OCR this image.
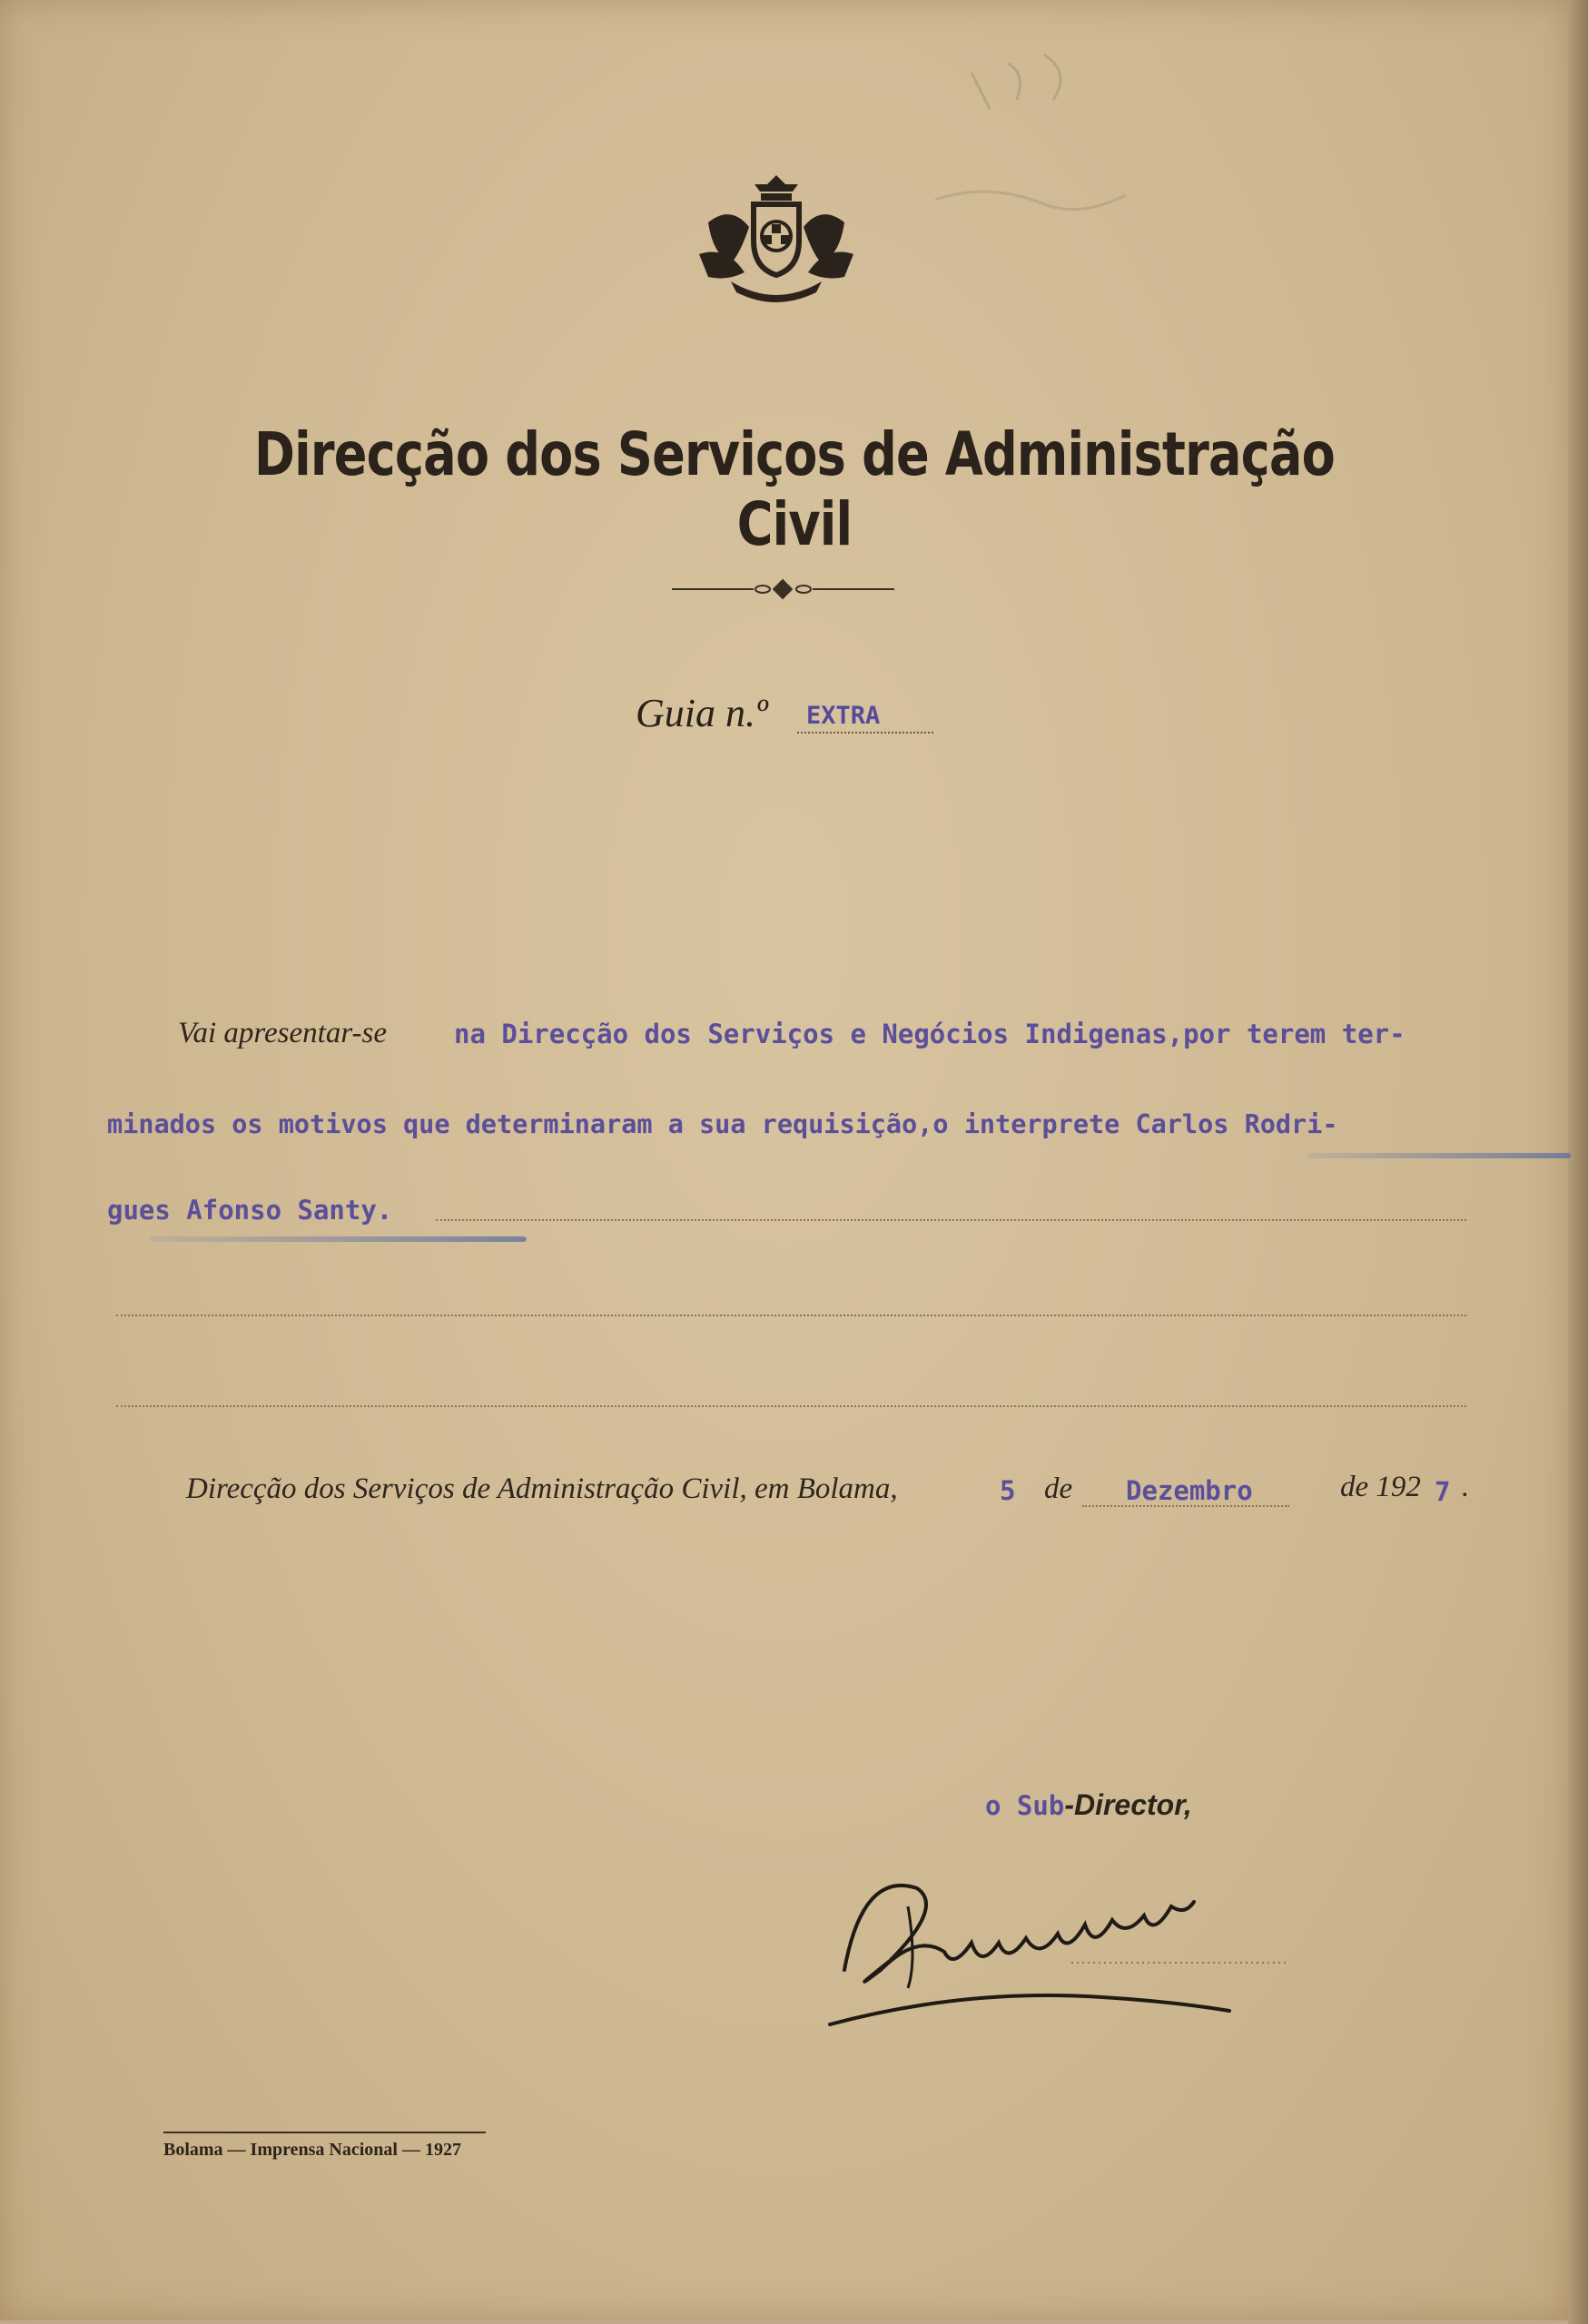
Direcção dos Serviços de Administração Civil
Guia n.º EXTRA
Vai apresentar-se	na Direcção dos Serviços e Negócios Indigenas,por terem ter-
minados os motivos que determinaram a sua requisição,o interprete Carlos Rodri-
gues Afonso Santy.
Direcção dos Serviços de Administração Civil, em Bolama,	5 de Dezembro	de 192 7 .
o Sub-Director,
Bolama — Imprensa Nacional — 1927
